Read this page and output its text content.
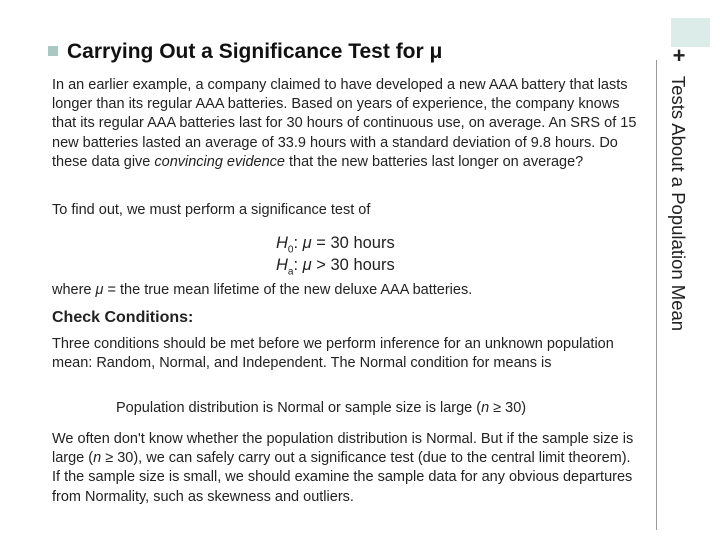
+
Tests About a Population Mean
Carrying Out a Significance Test for μ
In an earlier example, a company claimed to have developed a new AAA battery that lasts longer than its regular AAA batteries. Based on years of experience, the company knows that its regular AAA batteries last for 30 hours of continuous use, on average. An SRS of 15 new batteries lasted an average of 33.9 hours with a standard deviation of 9.8 hours. Do these data give convincing evidence that the new batteries last longer on average?
To find out, we must perform a significance test of
$H_0$: μ = 30 hours
$H_a$: μ > 30 hours
where μ = the true mean lifetime of the new deluxe AAA batteries.
Check Conditions:
Three conditions should be met before we perform inference for an unknown population mean: Random, Normal, and Independent. The Normal condition for means is
Population distribution is Normal or sample size is large (n ≥ 30)
We often don't know whether the population distribution is Normal. But if the sample size is large (n ≥ 30), we can safely carry out a significance test (due to the central limit theorem). If the sample size is small, we should examine the sample data for any obvious departures from Normality, such as skewness and outliers.
